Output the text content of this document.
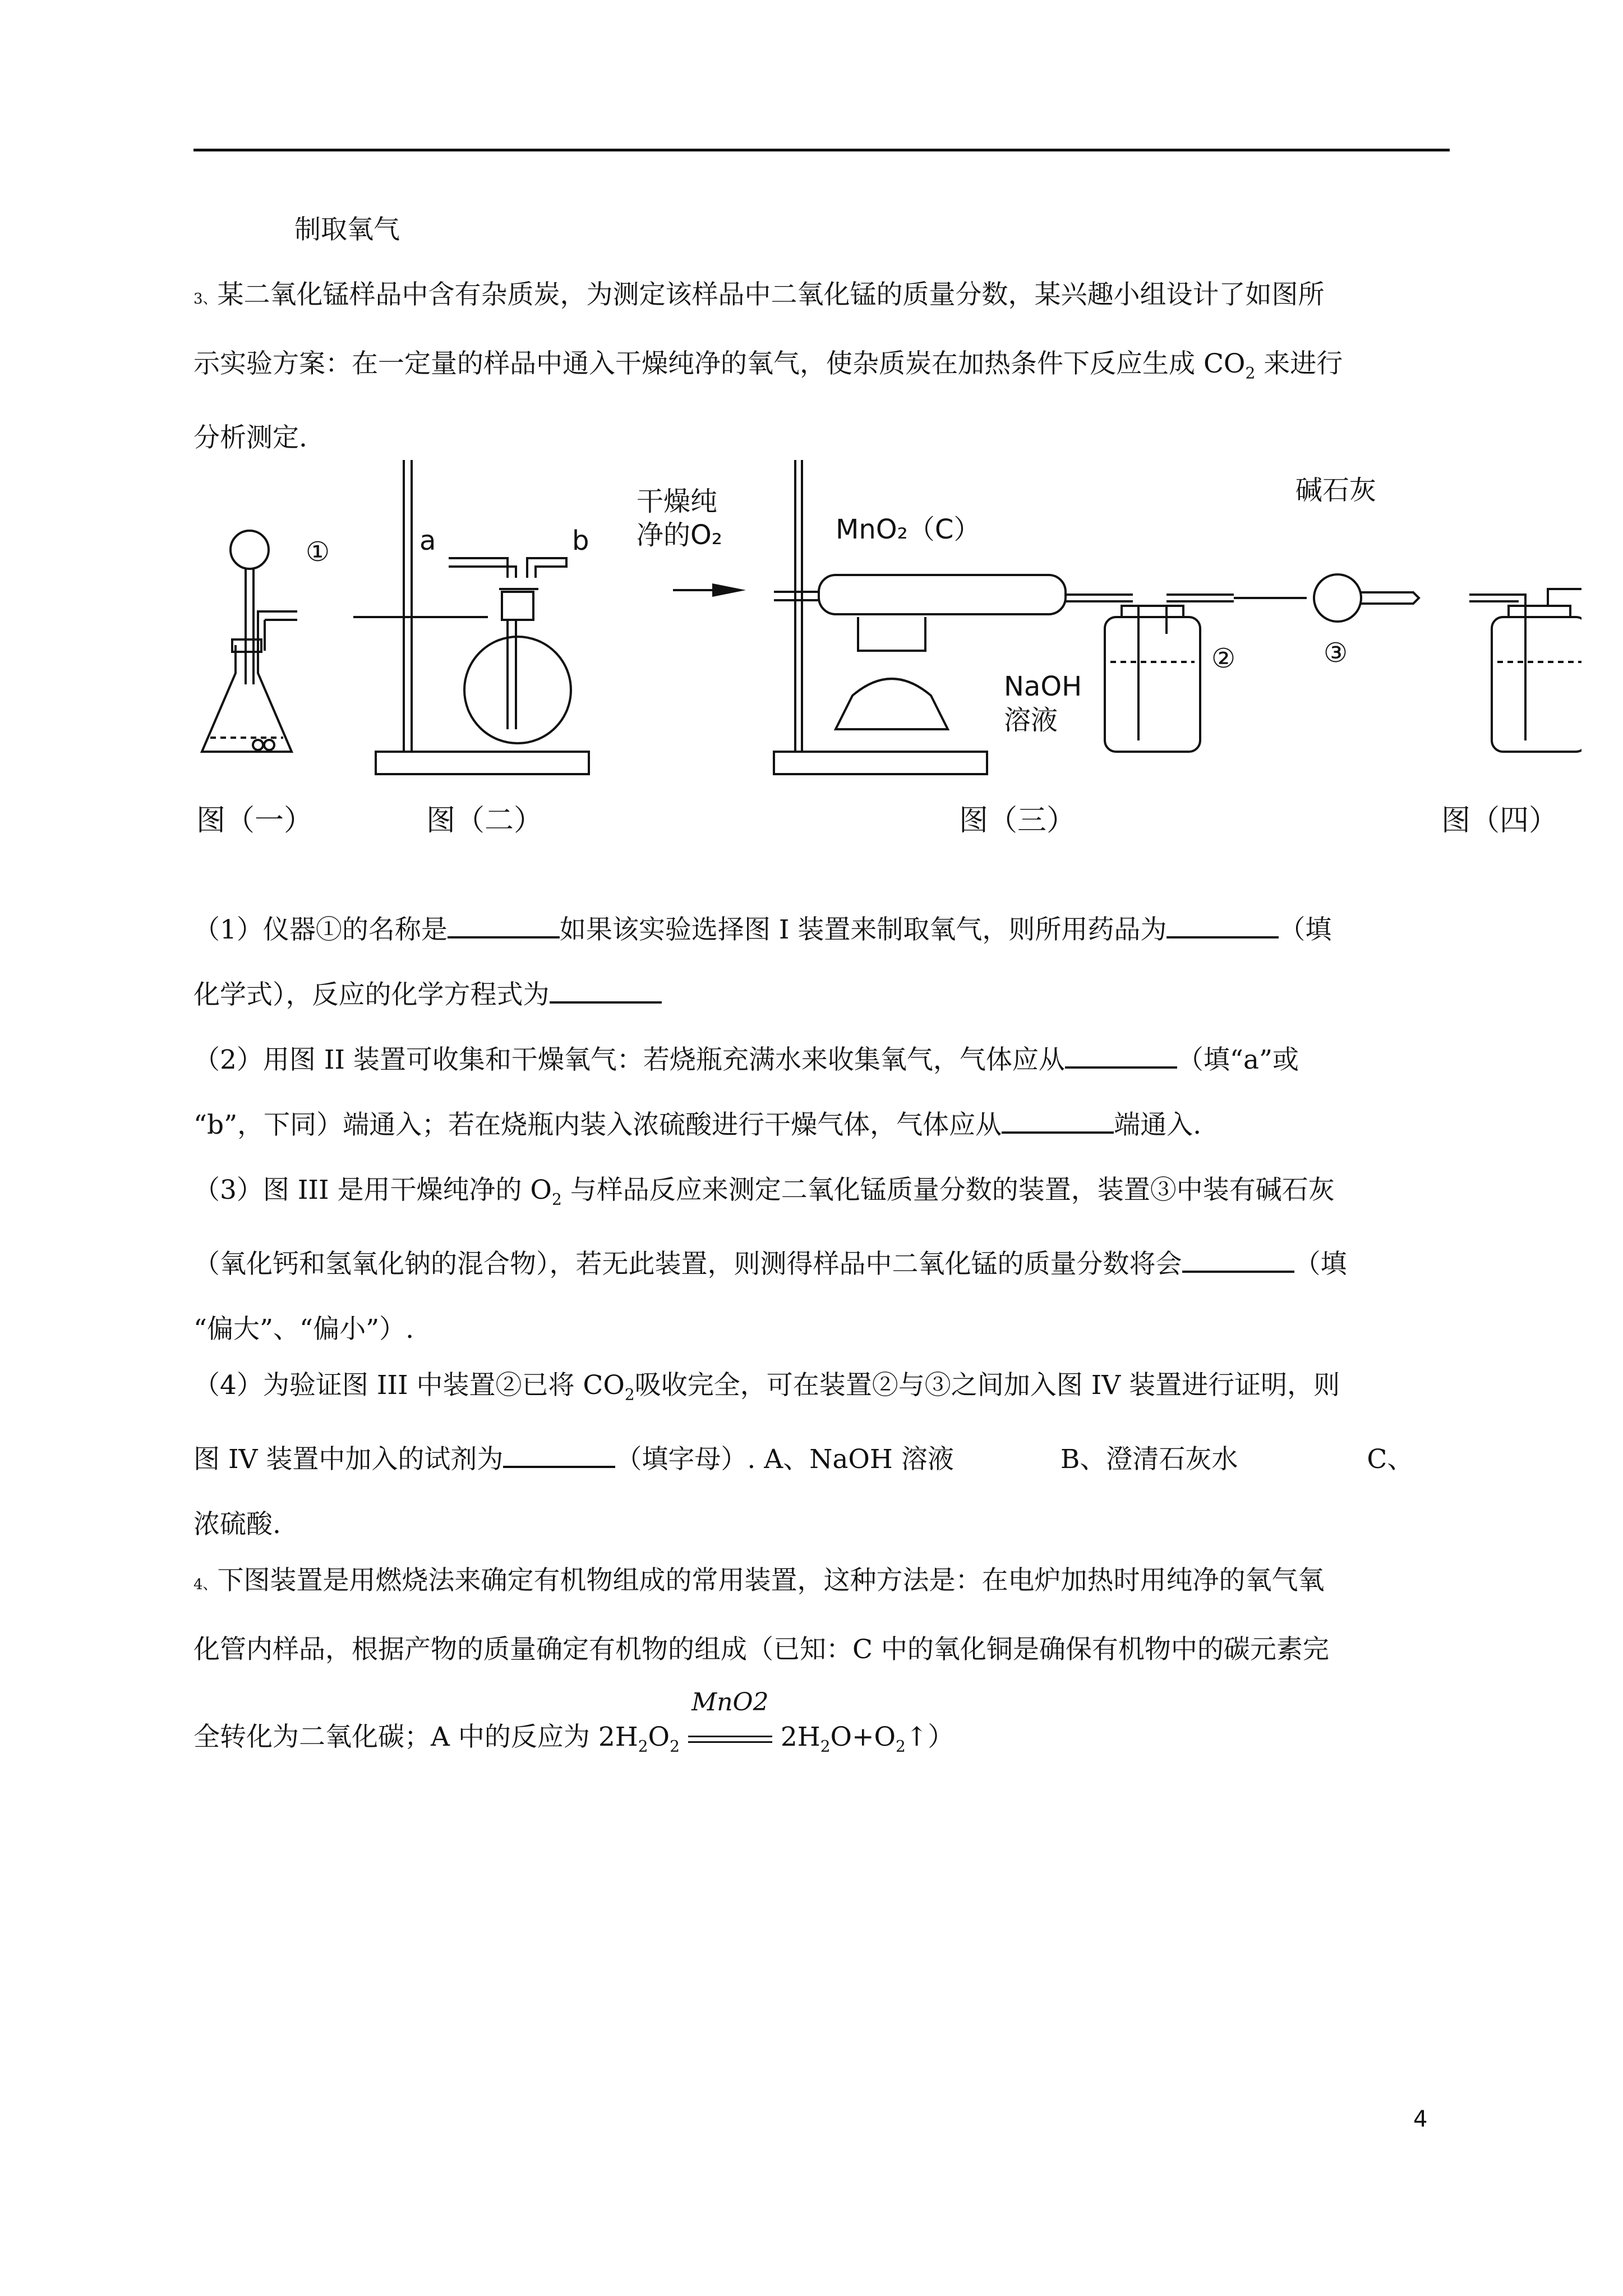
制取氧气
3、某二氧化锰样品中含有杂质炭，为测定该样品中二氧化锰的质量分数，某兴趣小组设计了如图所
示实验方案：在一定量的样品中通入干燥纯净的氧气，使杂质炭在加热条件下反应生成 $CO_2$ 来进行
分析测定.
①	a	b
干燥纯
净的O₂	MnO₂（C）
NaOH
溶液
②
碱石灰
③
图（一）	图（二）	图（三）	图（四）
（1）仪器①的名称是	如果该实验选择图 I 装置来制取氧气，则所用药品为	（填
化学式），反应的化学方程式为
（2）用图 II 装置可收集和干燥氧气：若烧瓶充满水来收集氧气，气体应从	（填“a”或
“b”，下同）端通入；若在烧瓶内装入浓硫酸进行干燥气体，气体应从	端通入.
（3）图 III 是用干燥纯净的 $O_2$ 与样品反应来测定二氧化锰质量分数的装置，装置③中装有碱石灰
（氧化钙和氢氧化钠的混合物），若无此装置，则测得样品中二氧化锰的质量分数将会	（填
“偏大”、“偏小”）.
（4）为验证图 III 中装置②已将 $CO_2$吸收完全，可在装置②与③之间加入图 IV 装置进行证明，则
图 IV 装置中加入的试剂为	（填字母）. A、NaOH 溶液	B、澄清石灰水	C、
浓硫酸.
4、下图装置是用燃烧法来确定有机物组成的常用装置，这种方法是：在电炉加热时用纯净的氧气氧
化管内样品，根据产物的质量确定有机物的组成（已知：C 中的氧化铜是确保有机物中的碳元素完
全转化为二氧化碳；A 中的反应为 $2H_2O_2$
MnO2
$2H_2O+O_2↑$）
4
